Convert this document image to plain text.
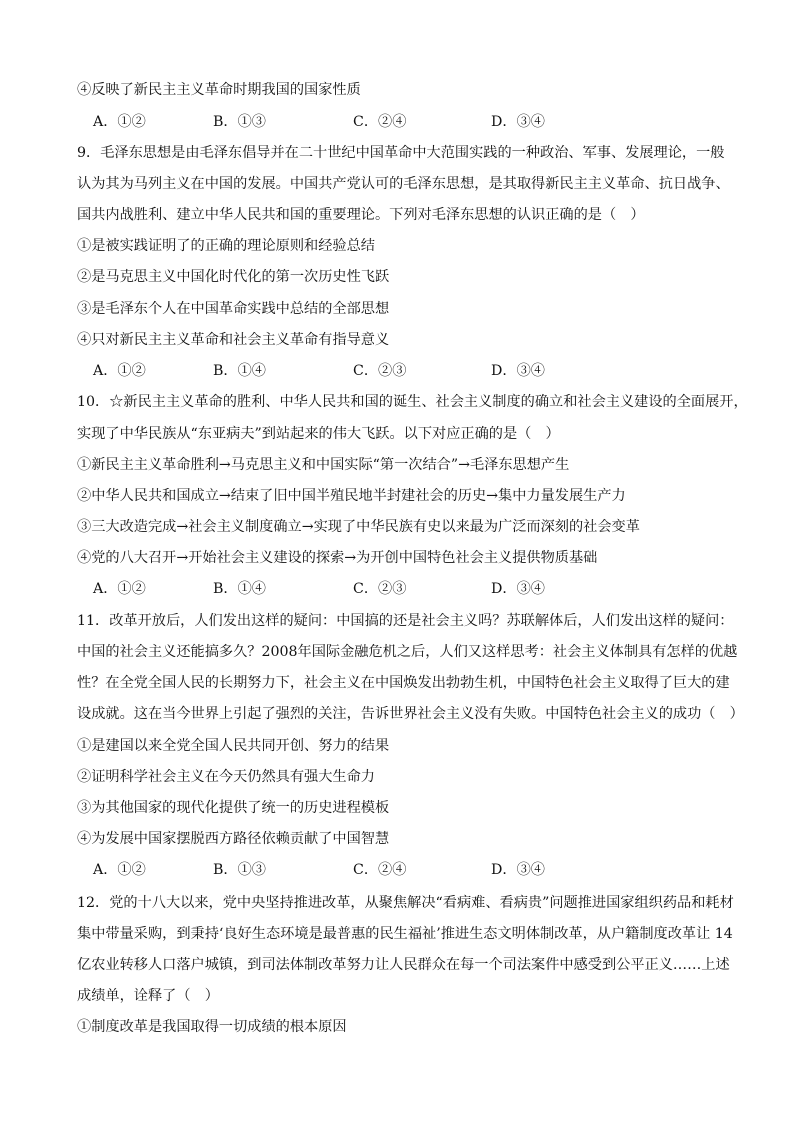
④反映了新民主主义革命时期我国的国家性质
A．①②	B．①③	C．②④	D．③④
9．毛泽东思想是由毛泽东倡导并在二十世纪中国革命中大范围实践的一种政治、军事、发展理论，一般
认为其为马列主义在中国的发展。中国共产党认可的毛泽东思想，是其取得新民主主义革命、抗日战争、
国共内战胜利、建立中华人民共和国的重要理论。下列对毛泽东思想的认识正确的是（　）
①是被实践证明了的正确的理论原则和经验总结
②是马克思主义中国化时代化的第一次历史性飞跃
③是毛泽东个人在中国革命实践中总结的全部思想
④只对新民主主义革命和社会主义革命有指导意义
A．①②	B．①④	C．②③	D．③④
10．☆新民主主义革命的胜利、中华人民共和国的诞生、社会主义制度的确立和社会主义建设的全面展开，
实现了中华民族从“东亚病夫”到站起来的伟大飞跃。以下对应正确的是（　）
①新民主主义革命胜利→马克思主义和中国实际“第一次结合”→毛泽东思想产生
②中华人民共和国成立→结束了旧中国半殖民地半封建社会的历史→集中力量发展生产力
③三大改造完成→社会主义制度确立→实现了中华民族有史以来最为广泛而深刻的社会变革
④党的八大召开→开始社会主义建设的探索→为开创中国特色社会主义提供物质基础
A．①②	B．①④	C．②③	D．③④
11．改革开放后，人们发出这样的疑问：中国搞的还是社会主义吗？苏联解体后，人们发出这样的疑问：
中国的社会主义还能搞多久？2008年国际金融危机之后，人们又这样思考：社会主义体制具有怎样的优越
性？在全党全国人民的长期努力下，社会主义在中国焕发出勃勃生机，中国特色社会主义取得了巨大的建
设成就。这在当今世界上引起了强烈的关注，告诉世界社会主义没有失败。中国特色社会主义的成功（　）
①是建国以来全党全国人民共同开创、努力的结果
②证明科学社会主义在今天仍然具有强大生命力
③为其他国家的现代化提供了统一的历史进程模板
④为发展中国家摆脱西方路径依赖贡献了中国智慧
A．①②	B．①③	C．②④	D．③④
12．党的十八大以来，党中央坚持推进改革，从聚焦解决“看病难、看病贵”问题推进国家组织药品和耗材
集中带量采购，到秉持‘良好生态环境是最普惠的民生福祉’推进生态文明体制改革，从户籍制度改革让 14
亿农业转移人口落户城镇，到司法体制改革努力让人民群众在每一个司法案件中感受到公平正义……上述
成绩单，诠释了（　）
①制度改革是我国取得一切成绩的根本原因
